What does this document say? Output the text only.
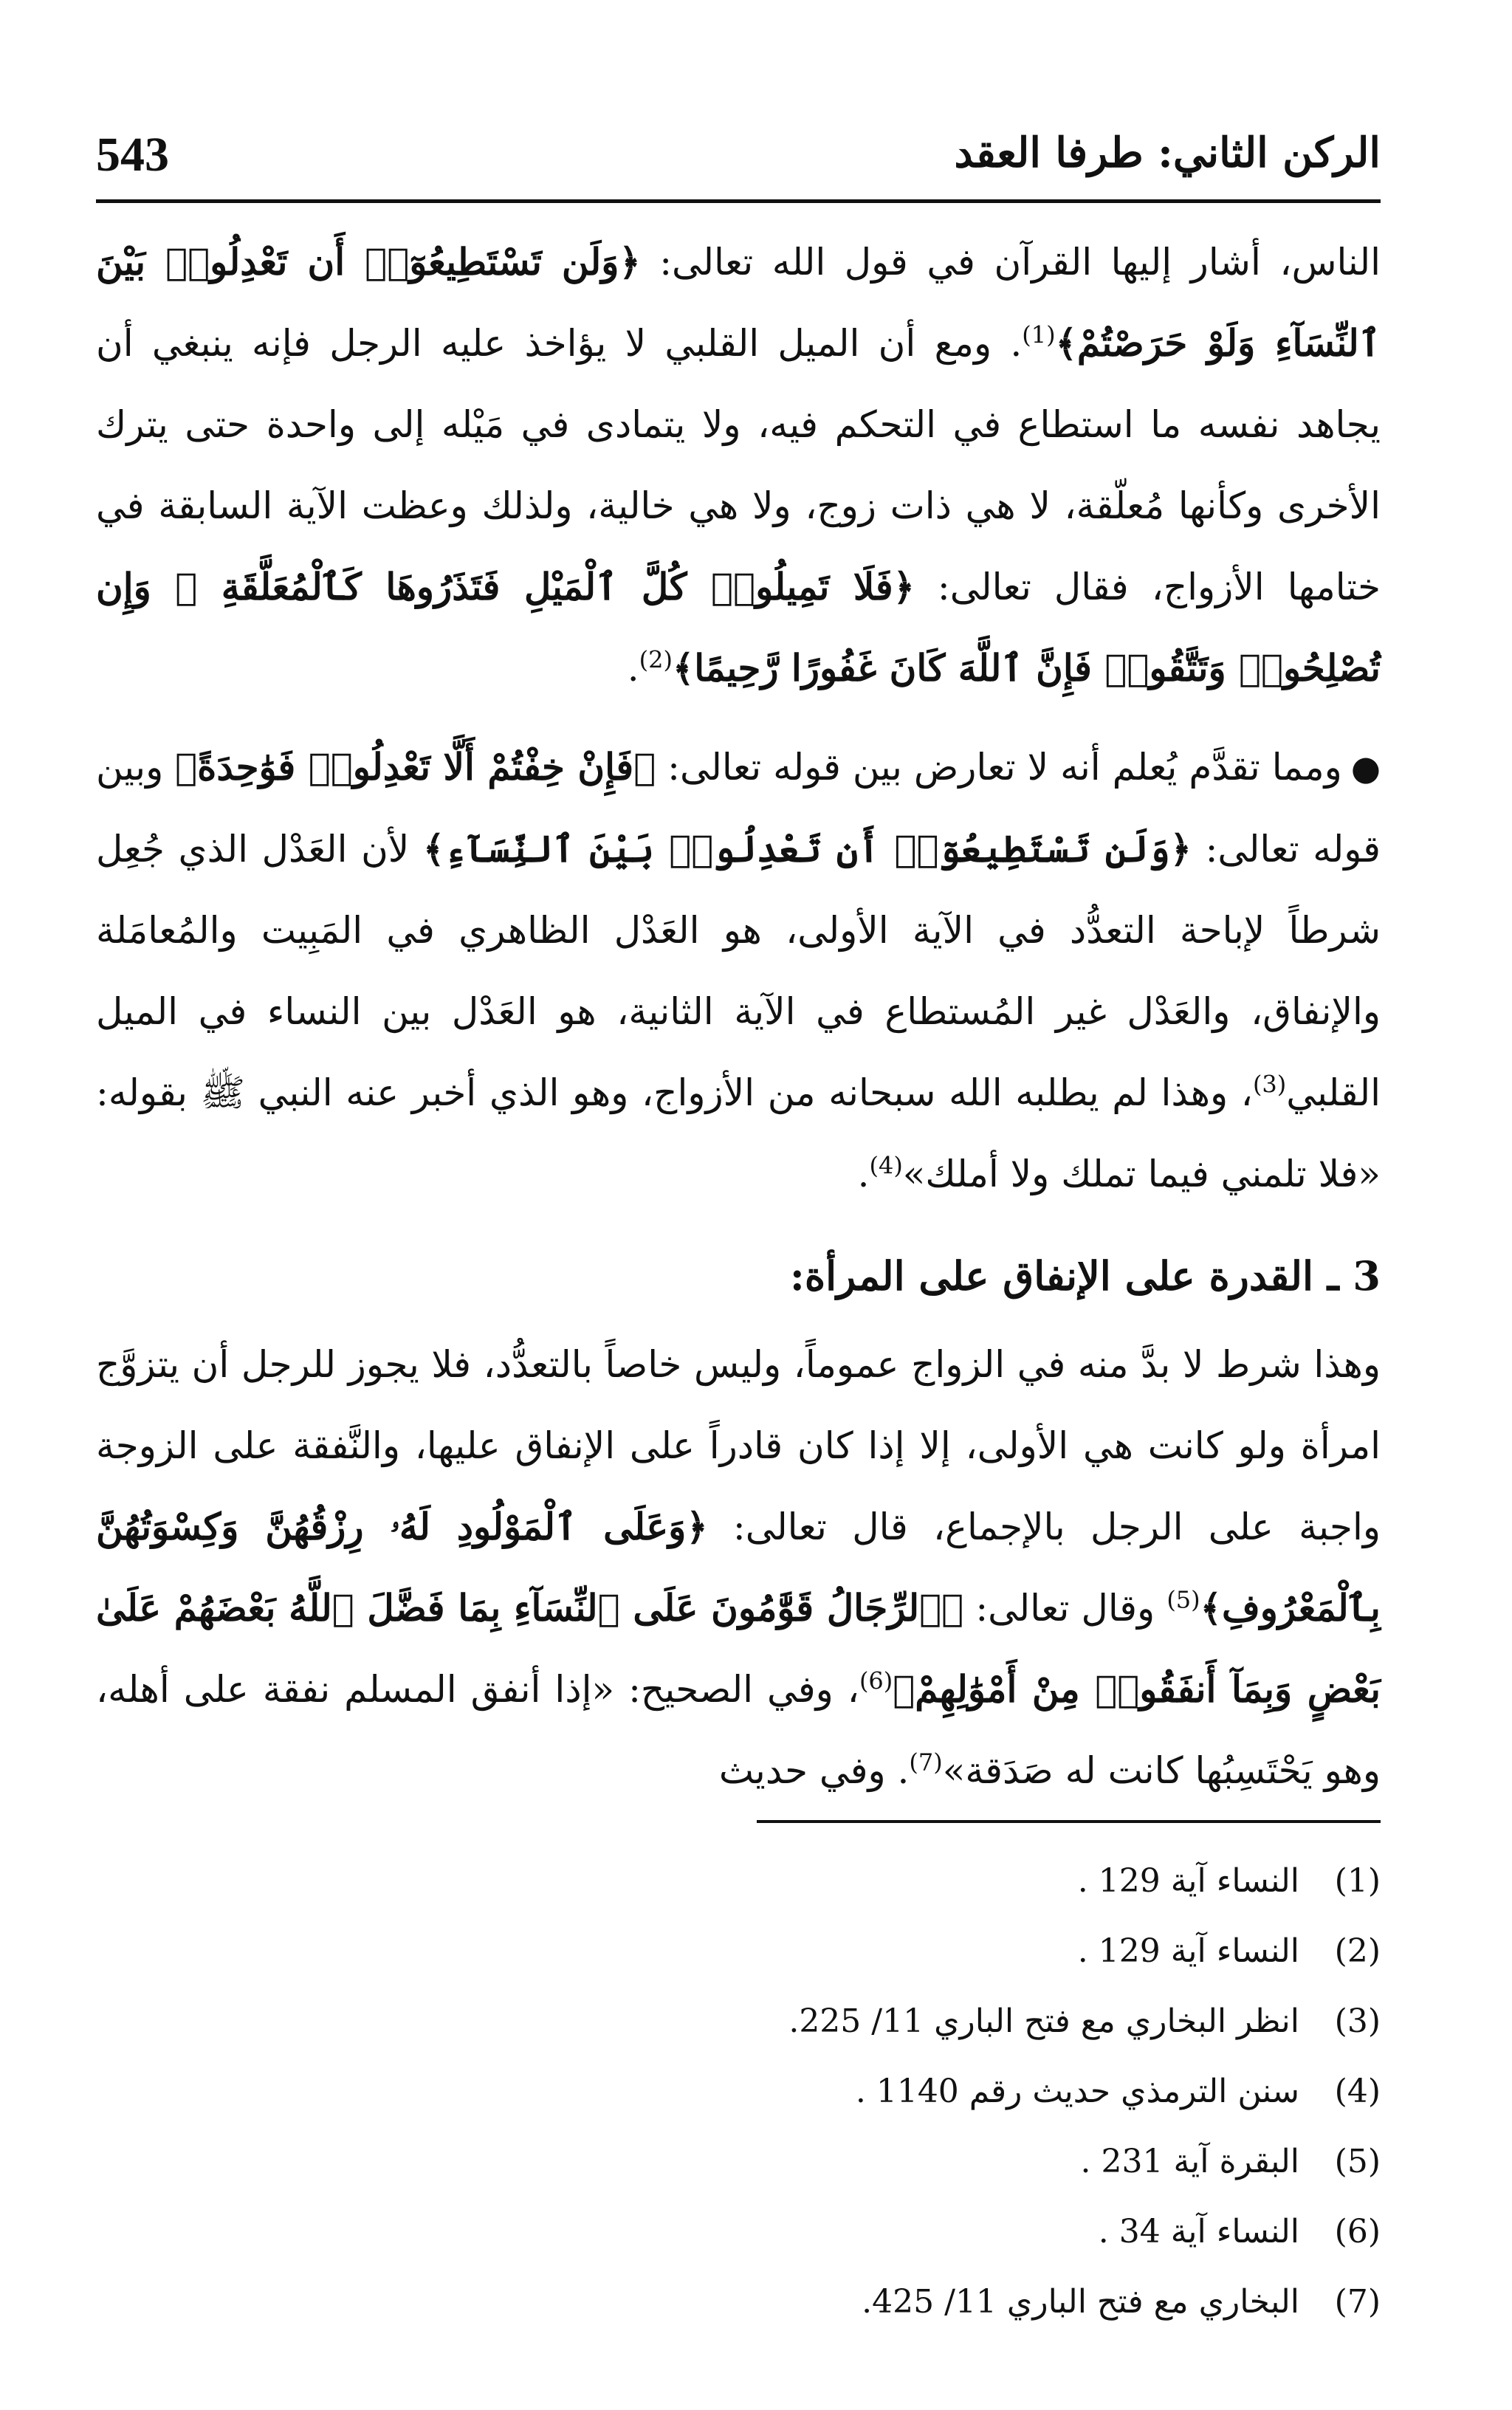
543	الركن الثاني: طرفا العقد

الناس، أشار إليها القرآن في قول الله تعالى: ﴿وَلَن تَسْتَطِيعُوٓا۟ أَن تَعْدِلُوا۟ بَيْنَ ٱلنِّسَآءِ وَلَوْ حَرَصْتُمْ﴾$^{(1)}$. ومع أن الميل القلبي لا يؤاخذ عليه الرجل فإنه ينبغي أن يجاهد نفسه ما استطاع في التحكم فيه، ولا يتمادى في مَيْله إلى واحدة حتى يترك الأخرى وكأنها مُعلّقة، لا هي ذات زوج، ولا هي خالية، ولذلك وعظت الآية السابقة في ختامها الأزواج، فقال تعالى: ﴿فَلَا تَمِيلُوا۟ كُلَّ ٱلْمَيْلِ فَتَذَرُوهَا كَٱلْمُعَلَّقَةِ ۚ وَإِن تُصْلِحُوا۟ وَتَتَّقُوا۟ فَإِنَّ ٱللَّهَ كَانَ غَفُورًا رَّحِيمًا﴾$^{(2)}$.

●ومما تقدَّم يُعلم أنه لا تعارض بين قوله تعالى: ﴿فَإِنْ خِفْتُمْ أَلَّا تَعْدِلُوا۟ فَوَٰحِدَةً﴾ وبين قوله تعالى: ﴿وَلَن تَسْتَطِيعُوٓا۟ أَن تَعْدِلُوا۟ بَيْنَ ٱلنِّسَآءِ﴾ لأن العَدْل الذي جُعِل شرطاً لإباحة التعدُّد في الآية الأولى، هو العَدْل الظاهري في المَبِيت والمُعامَلة والإنفاق، والعَدْل غير المُستطاع في الآية الثانية، هو العَدْل بين النساء في الميل القلبي$^{(3)}$، وهذا لم يطلبه الله سبحانه من الأزواج، وهو الذي أخبر عنه النبي ﷺ بقوله: «فلا تلمني فيما تملك ولا أملك»$^{(4)}$.

3 ـ القدرة على الإنفاق على المرأة:

وهذا شرط لا بدَّ منه في الزواج عموماً، وليس خاصاً بالتعدُّد، فلا يجوز للرجل أن يتزوَّج امرأة ولو كانت هي الأولى، إلا إذا كان قادراً على الإنفاق عليها، والنَّفقة على الزوجة واجبة على الرجل بالإجماع، قال تعالى: ﴿وَعَلَى ٱلْمَوْلُودِ لَهُۥ رِزْقُهُنَّ وَكِسْوَتُهُنَّ بِٱلْمَعْرُوفِ﴾$^{(5)}$ وقال تعالى: ﴿ٱلرِّجَالُ قَوَّٰمُونَ عَلَى ٱلنِّسَآءِ بِمَا فَضَّلَ ٱللَّهُ بَعْضَهُمْ عَلَىٰ بَعْضٍ وَبِمَآ أَنفَقُوا۟ مِنْ أَمْوَٰلِهِمْ﴾$^{(6)}$، وفي الصحيح: «إذا أنفق المسلم نفقة على أهله، وهو يَحْتَسِبُها كانت له صَدَقة»$^{(7)}$. وفي حديث

(1)
النساء آية 129 .
(2)
النساء آية 129 .
(3)
انظر البخاري مع فتح الباري 11/ 225.
(4)
سنن الترمذي حديث رقم 1140 .
(5)
البقرة آية 231 .
(6)
النساء آية 34 .
(7)
البخاري مع فتح الباري 11/ 425.
